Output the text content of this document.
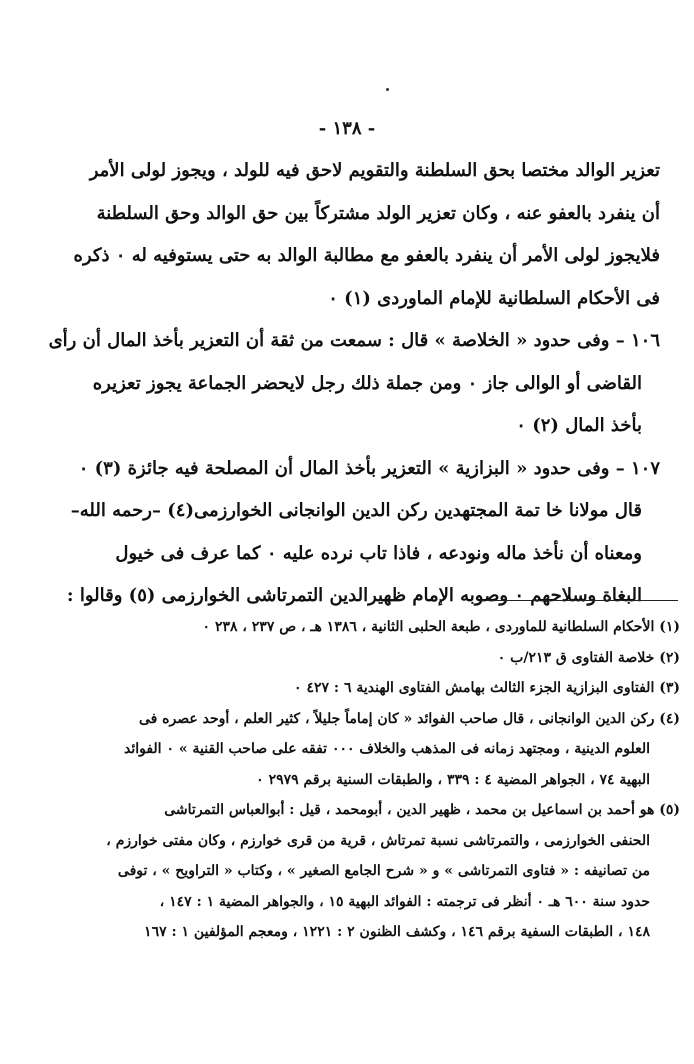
- ١٣٨ -

تعزير الوالد مختصا بحق السلطنة والتقويم لاحق فيه للولد ، ويجوز لولى الأمر

أن ينفرد بالعفو عنه ، وكان تعزير الولد مشتركاً بين حق الوالد وحق السلطنة

فلايجوز لولى الأمر أن ينفرد بالعفو مع مطالبة الوالد به حتى يستوفيه له ٠ ذكره

فى الأحكام السلطانية للإمام الماوردى (١) ٠

١٠٦ – وفى حدود « الخلاصة » قال : سمعت من ثقة أن التعزير بأخذ المال أن رأى

القاضى أو الوالى جاز ٠ ومن جملة ذلك رجل لايحضر الجماعة يجوز تعزيره

بأخذ المال (٢) ٠

١٠٧ – وفى حدود « البزازية » التعزير بأخذ المال أن المصلحة فيه جائزة (٣) ٠

قال مولانا خا تمة المجتهدين ركن الدين الوانجانى الخوارزمى(٤) –رحمه الله–

ومعناه أن نأخذ ماله ونودعه ، فاذا تاب نرده عليه ٠ كما عرف فى خيول

البغاة وسلاحهم ٠ وصوبه الإمام ظهيرالدين التمرتاشى الخوارزمى (٥) وقالوا :

(١) الأحكام السلطانية للماوردى ، طبعة الحلبى الثانية ، ١٣٨٦ هـ ، ص ٢٣٧ ، ٢٣٨ ٠

(٢) خلاصة الفتاوى ق ٢١٣/ب ٠

(٣) الفتاوى البزازية الجزء الثالث بهامش الفتاوى الهندية ٦ : ٤٢٧ ٠

(٤) ركن الدين الوانجانى ، قال صاحب الفوائد « كان إماماً جليلاً ، كثير العلم ، أوحد عصره فى

العلوم الدينية ، ومجتهد زمانه فى المذهب والخلاف ٠٠٠ تفقه على صاحب القنية » ٠ الفوائد

البهية ٧٤ ، الجواهر المضية ٤ : ٣٣٩ ، والطبقات السنية برقم ٢٩٧٩ ٠

(٥) هو أحمد بن اسماعيل بن محمد ، ظهير الدين ، أبومحمد ، قيل : أبوالعباس التمرتاشى

الحنفى الخوارزمى ، والتمرتاشى نسبة تمرتاش ، قرية من قرى خوارزم ، وكان مفتى خوارزم ،

من تصانيفه : « فتاوى التمرتاشى » و « شرح الجامع الصغير » ، وكتاب « التراويح » ، توفى

حدود سنة ٦٠٠ هـ ٠ أنظر فى ترجمته : الفوائد البهية ١٥ ، والجواهر المضية ١ : ١٤٧ ،

١٤٨ ، الطبقات السفية برقم ١٤٦ ، وكشف الظنون ٢ : ١٢٢١ ، ومعجم المؤلفين ١ : ١٦٧
